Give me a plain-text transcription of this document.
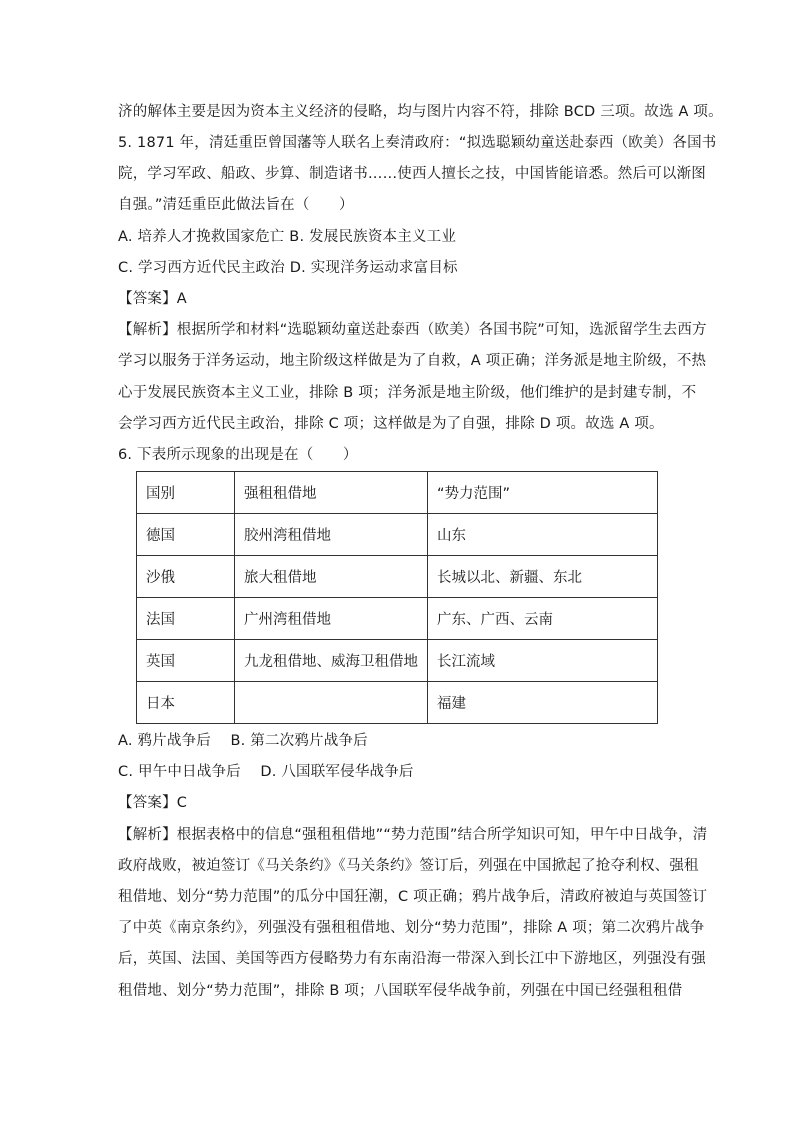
济的解体主要是因为资本主义经济的侵略，均与图片内容不符，排除 BCD 三项。故选 A 项。
5. 1871 年，清廷重臣曾国藩等人联名上奏清政府：“拟选聪颖幼童送赴泰西（欧美）各国书
院，学习军政、船政、步算、制造诸书……使西人擅长之技，中国皆能谙悉。然后可以渐图
自强。”清廷重臣此做法旨在（　　）
A. 培养人才挽救国家危亡 B. 发展民族资本主义工业
C. 学习西方近代民主政治 D. 实现洋务运动求富目标
【答案】A
【解析】根据所学和材料“选聪颖幼童送赴泰西（欧美）各国书院”可知，选派留学生去西方
学习以服务于洋务运动，地主阶级这样做是为了自救，A 项正确；洋务派是地主阶级，不热
心于发展民族资本主义工业，排除 B 项；洋务派是地主阶级，他们维护的是封建专制，不
会学习西方近代民主政治，排除 C 项；这样做是为了自强，排除 D 项。故选 A 项。
6. 下表所示现象的出现是在（　　）
国别	强租租借地	“势力范围”
德国	胶州湾租借地	山东
沙俄	旅大租借地	长城以北、新疆、东北
法国	广州湾租借地	广东、广西、云南
英国	九龙租借地、威海卫租借地	长江流域
日本		福建
A. 鸦片战争后　 B. 第二次鸦片战争后
C. 甲午中日战争后　 D. 八国联军侵华战争后
【答案】C
【解析】根据表格中的信息“强租租借地”“势力范围”结合所学知识可知，甲午中日战争，清
政府战败，被迫签订《马关条约》《马关条约》签订后，列强在中国掀起了抢夺利权、强租
租借地、划分“势力范围”的瓜分中国狂潮，C 项正确；鸦片战争后，清政府被迫与英国签订
了中英《南京条约》，列强没有强租租借地、划分“势力范围”，排除 A 项；第二次鸦片战争
后，英国、法国、美国等西方侵略势力有东南沿海一带深入到长江中下游地区，列强没有强
租借地、划分“势力范围”，排除 B 项；八国联军侵华战争前，列强在中国已经强租租借
